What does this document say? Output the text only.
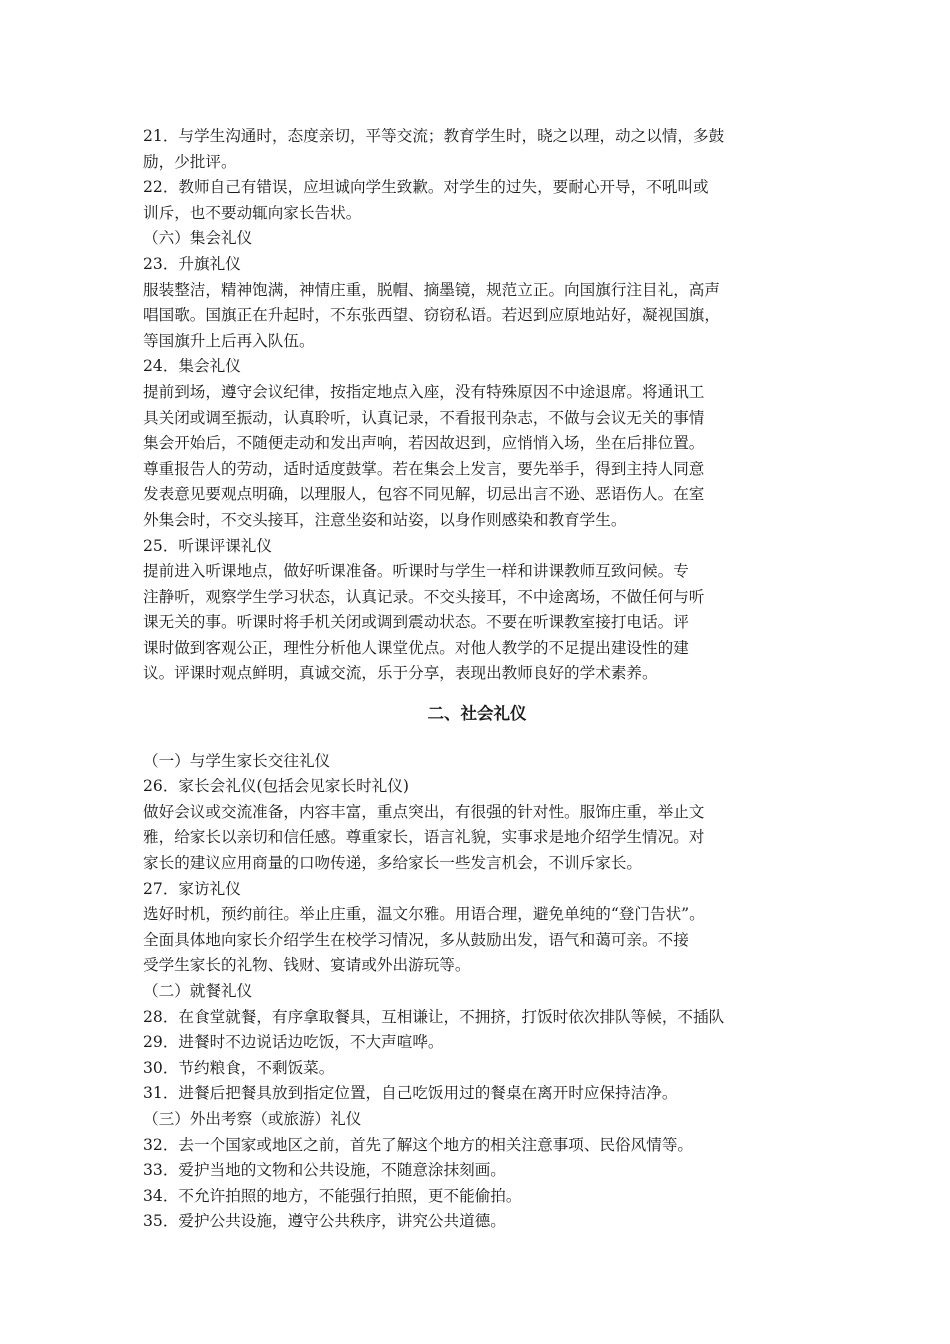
21．与学生沟通时，态度亲切，平等交流；教育学生时，晓之以理，动之以情，多鼓
励，少批评。
22．教师自己有错误，应坦诚向学生致歉。对学生的过失，要耐心开导，不吼叫或
训斥，也不要动辄向家长告状。
（六）集会礼仪
23．升旗礼仪
服装整洁，精神饱满，神情庄重，脱帽、摘墨镜，规范立正。向国旗行注目礼，高声
唱国歌。国旗正在升起时，不东张西望、窃窃私语。若迟到应原地站好，凝视国旗，
等国旗升上后再入队伍。
24．集会礼仪
提前到场，遵守会议纪律，按指定地点入座，没有特殊原因不中途退席。将通讯工
具关闭或调至振动，认真聆听，认真记录，不看报刊杂志，不做与会议无关的事情
集会开始后，不随便走动和发出声响，若因故迟到，应悄悄入场，坐在后排位置。
尊重报告人的劳动，适时适度鼓掌。若在集会上发言，要先举手，得到主持人同意
发表意见要观点明确，以理服人，包容不同见解，切忌出言不逊、恶语伤人。在室
外集会时，不交头接耳，注意坐姿和站姿，以身作则感染和教育学生。
25．听课评课礼仪
提前进入听课地点，做好听课准备。听课时与学生一样和讲课教师互致问候。专
注静听，观察学生学习状态，认真记录。不交头接耳，不中途离场，不做任何与听
课无关的事。听课时将手机关闭或调到震动状态。不要在听课教室接打电话。评
课时做到客观公正，理性分析他人课堂优点。对他人教学的不足提出建设性的建
议。评课时观点鲜明，真诚交流，乐于分享，表现出教师良好的学术素养。
二、社会礼仪
（一）与学生家长交往礼仪
26．家长会礼仪(包括会见家长时礼仪)
做好会议或交流准备，内容丰富，重点突出，有很强的针对性。服饰庄重，举止文
雅，给家长以亲切和信任感。尊重家长，语言礼貌，实事求是地介绍学生情况。对
家长的建议应用商量的口吻传递，多给家长一些发言机会，不训斥家长。
27．家访礼仪
选好时机，预约前往。举止庄重，温文尔雅。用语合理，避免单纯的“登门告状”。
全面具体地向家长介绍学生在校学习情况，多从鼓励出发，语气和蔼可亲。不接
受学生家长的礼物、钱财、宴请或外出游玩等。
（二）就餐礼仪
28．在食堂就餐，有序拿取餐具，互相谦让，不拥挤，打饭时依次排队等候，不插队
29．进餐时不边说话边吃饭，不大声喧哗。
30．节约粮食，不剩饭菜。
31．进餐后把餐具放到指定位置，自己吃饭用过的餐桌在离开时应保持洁净。
（三）外出考察（或旅游）礼仪
32．去一个国家或地区之前，首先了解这个地方的相关注意事项、民俗风情等。
33．爱护当地的文物和公共设施，不随意涂抹刻画。
34．不允许拍照的地方，不能强行拍照，更不能偷拍。
35．爱护公共设施，遵守公共秩序，讲究公共道德。
